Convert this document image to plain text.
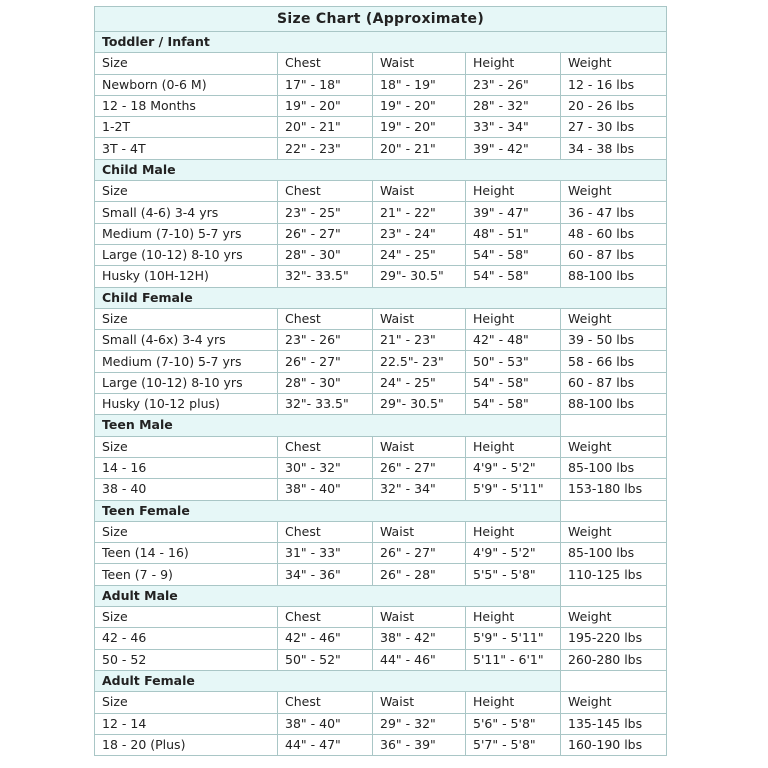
Size Chart (Approximate)				
Toddler / Infant				
Size	Chest	Waist	Height	Weight
Newborn (0-6 M)	17" - 18"	18" - 19"	23" - 26"	12 - 16 lbs
12 - 18 Months	19" - 20"	19" - 20"	28" - 32"	20 - 26 lbs
1-2T	20" - 21"	19" - 20"	33" - 34"	27 - 30 lbs
3T - 4T	22" - 23"	20" - 21"	39" - 42"	34 - 38 lbs
Child Male				
Size	Chest	Waist	Height	Weight
Small (4-6) 3-4 yrs	23" - 25"	21" - 22"	39" - 47"	36 - 47 lbs
Medium (7-10) 5-7 yrs	26" - 27"	23" - 24"	48" - 51"	48 - 60 lbs
Large (10-12) 8-10 yrs	28" - 30"	24" - 25"	54" - 58"	60 - 87 lbs
Husky (10H-12H)	32"- 33.5"	29"- 30.5"	54" - 58"	88-100 lbs
Child Female				
Size	Chest	Waist	Height	Weight
Small (4-6x) 3-4 yrs	23" - 26"	21" - 23"	42" - 48"	39 - 50 lbs
Medium (7-10) 5-7 yrs	26" - 27"	22.5"- 23"	50" - 53"	58 - 66 lbs
Large (10-12) 8-10 yrs	28" - 30"	24" - 25"	54" - 58"	60 - 87 lbs
Husky (10-12 plus)	32"- 33.5"	29"- 30.5"	54" - 58"	88-100 lbs
Teen Male				
Size	Chest	Waist	Height	Weight
14 - 16	30" - 32"	26" - 27"	4'9" - 5'2"	85-100 lbs
38 - 40	38" - 40"	32" - 34"	5'9" - 5'11"	153-180 lbs
Teen Female				
Size	Chest	Waist	Height	Weight
Teen (14 - 16)	31" - 33"	26" - 27"	4'9" - 5'2"	85-100 lbs
Teen (7 - 9)	34" - 36"	26" - 28"	5'5" - 5'8"	110-125 lbs
Adult Male				
Size	Chest	Waist	Height	Weight
42 - 46	42" - 46"	38" - 42"	5'9" - 5'11"	195-220 lbs
50 - 52	50" - 52"	44" - 46"	5'11" - 6'1"	260-280 lbs
Adult Female				
Size	Chest	Waist	Height	Weight
12 - 14	38" - 40"	29" - 32"	5'6" - 5'8"	135-145 lbs
18 - 20 (Plus)	44" - 47"	36" - 39"	5'7" - 5'8"	160-190 lbs
